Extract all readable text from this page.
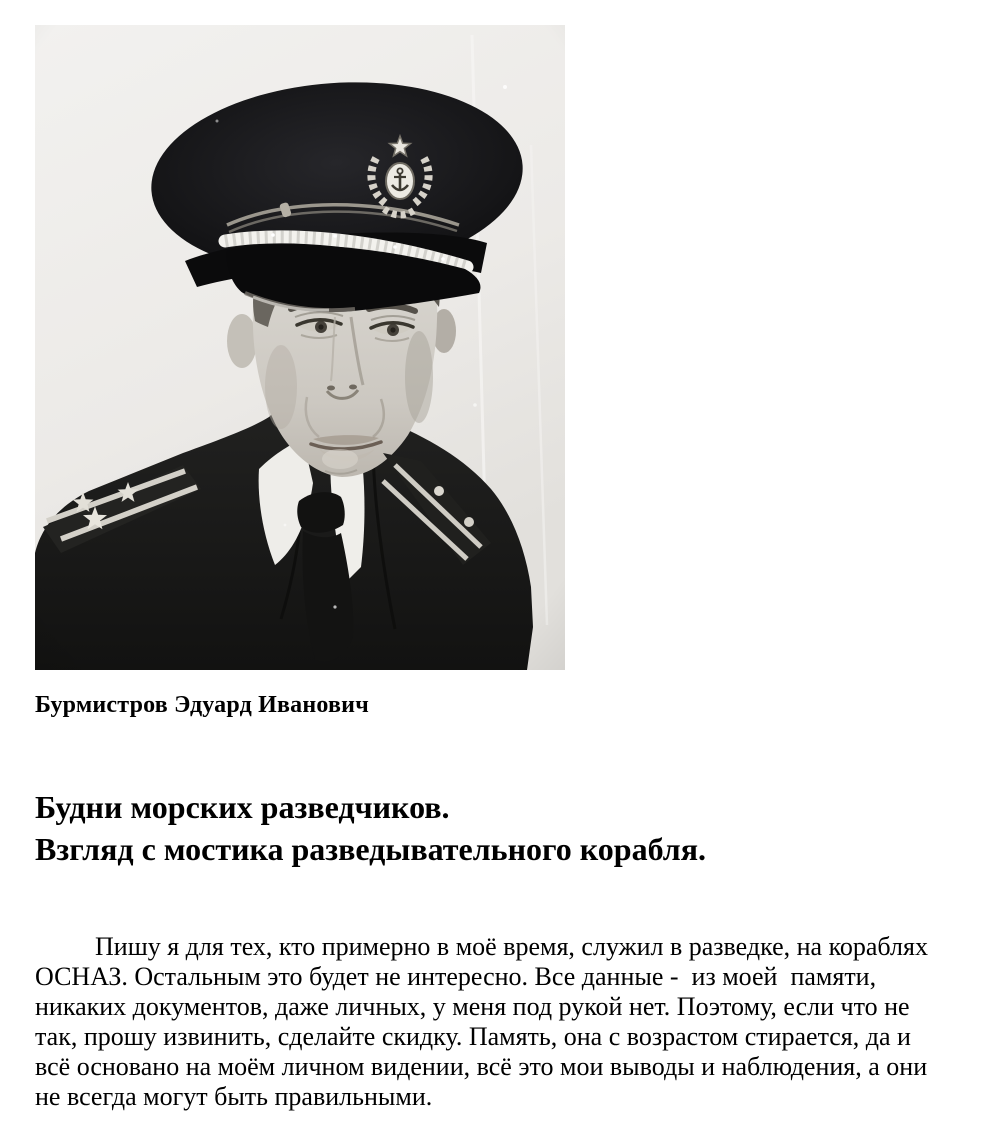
Бурмистров Эдуард Иванович

Будни морских разведчиков.
Взгляд с мостика разведывательного корабля.
Пишу я для тех, кто примерно в моё время, служил в разведке, на кораблях
ОСНАЗ. Остальным это будет не интересно. Все данные -  из моей  памяти,
никаких документов, даже личных, у меня под рукой нет. Поэтому, если что не
так, прошу извинить, сделайте скидку. Память, она с возрастом стирается, да и
всё основано на моём личном видении, всё это мои выводы и наблюдения, а они
не всегда могут быть правильными.
